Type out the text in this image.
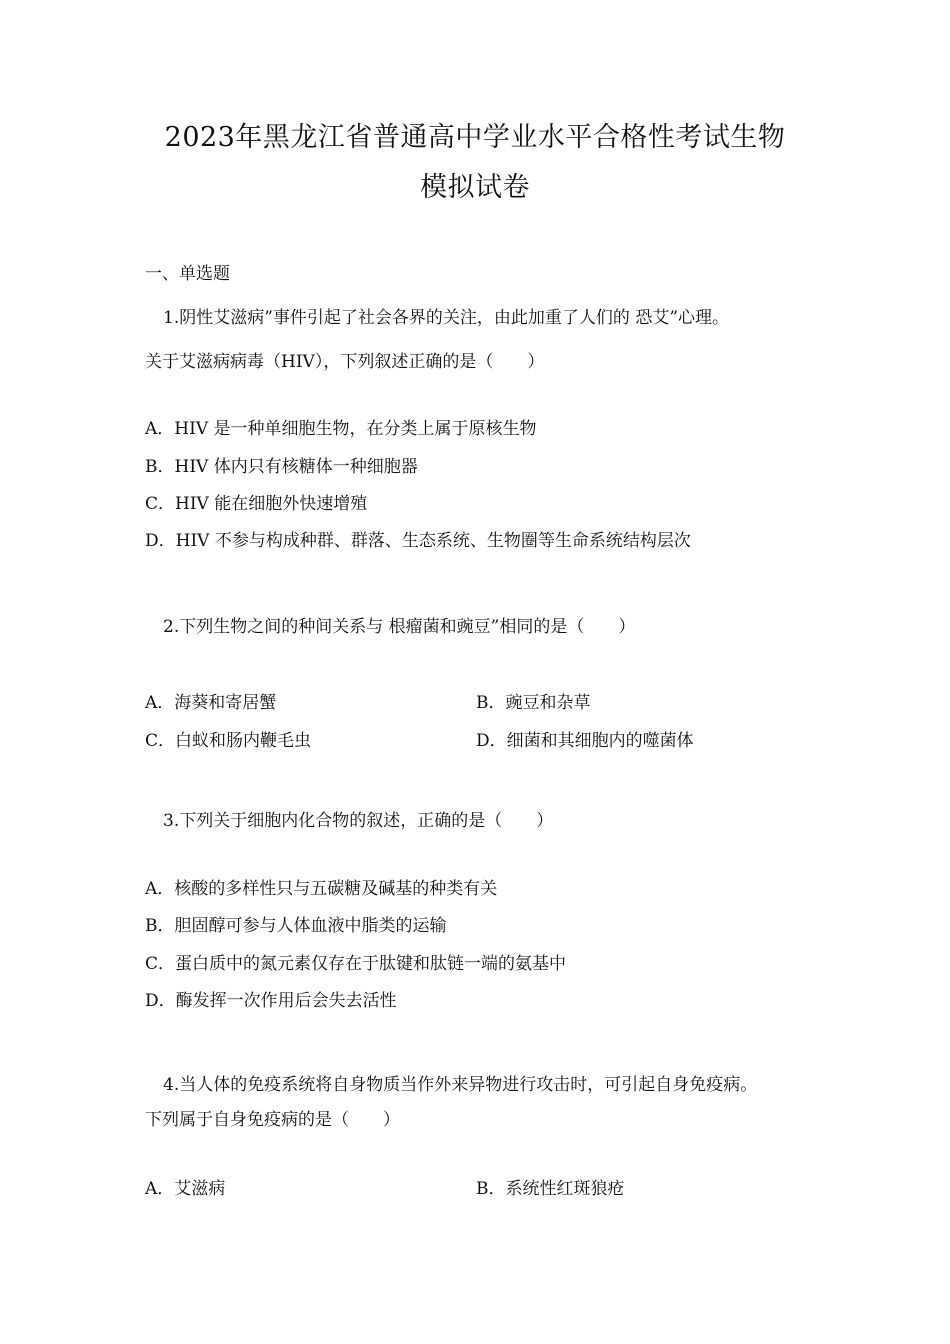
2023年黑龙江省普通高中学业水平合格性考试生物
模拟试卷
一、单选题
1.阴性艾滋病”事件引起了社会各界的关注，由此加重了人们的 恐艾”心理。
关于艾滋病病毒（HIV），下列叙述正确的是（　　）
A．HIV 是一种单细胞生物，在分类上属于原核生物
B．HIV 体内只有核糖体一种细胞器
C．HIV 能在细胞外快速增殖
D．HIV 不参与构成种群、群落、生态系统、生物圈等生命系统结构层次
2.下列生物之间的种间关系与 根瘤菌和豌豆”相同的是（　　）
A．海葵和寄居蟹	B．豌豆和杂草
C．白蚁和肠内鞭毛虫	D．细菌和其细胞内的噬菌体
3.下列关于细胞内化合物的叙述，正确的是（　　）
A．核酸的多样性只与五碳糖及碱基的种类有关
B．胆固醇可参与人体血液中脂类的运输
C．蛋白质中的氮元素仅存在于肽键和肽链一端的氨基中
D．酶发挥一次作用后会失去活性
4.当人体的免疫系统将自身物质当作外来异物进行攻击时，可引起自身免疫病。
下列属于自身免疫病的是（　　）
A．艾滋病	B．系统性红斑狼疮
